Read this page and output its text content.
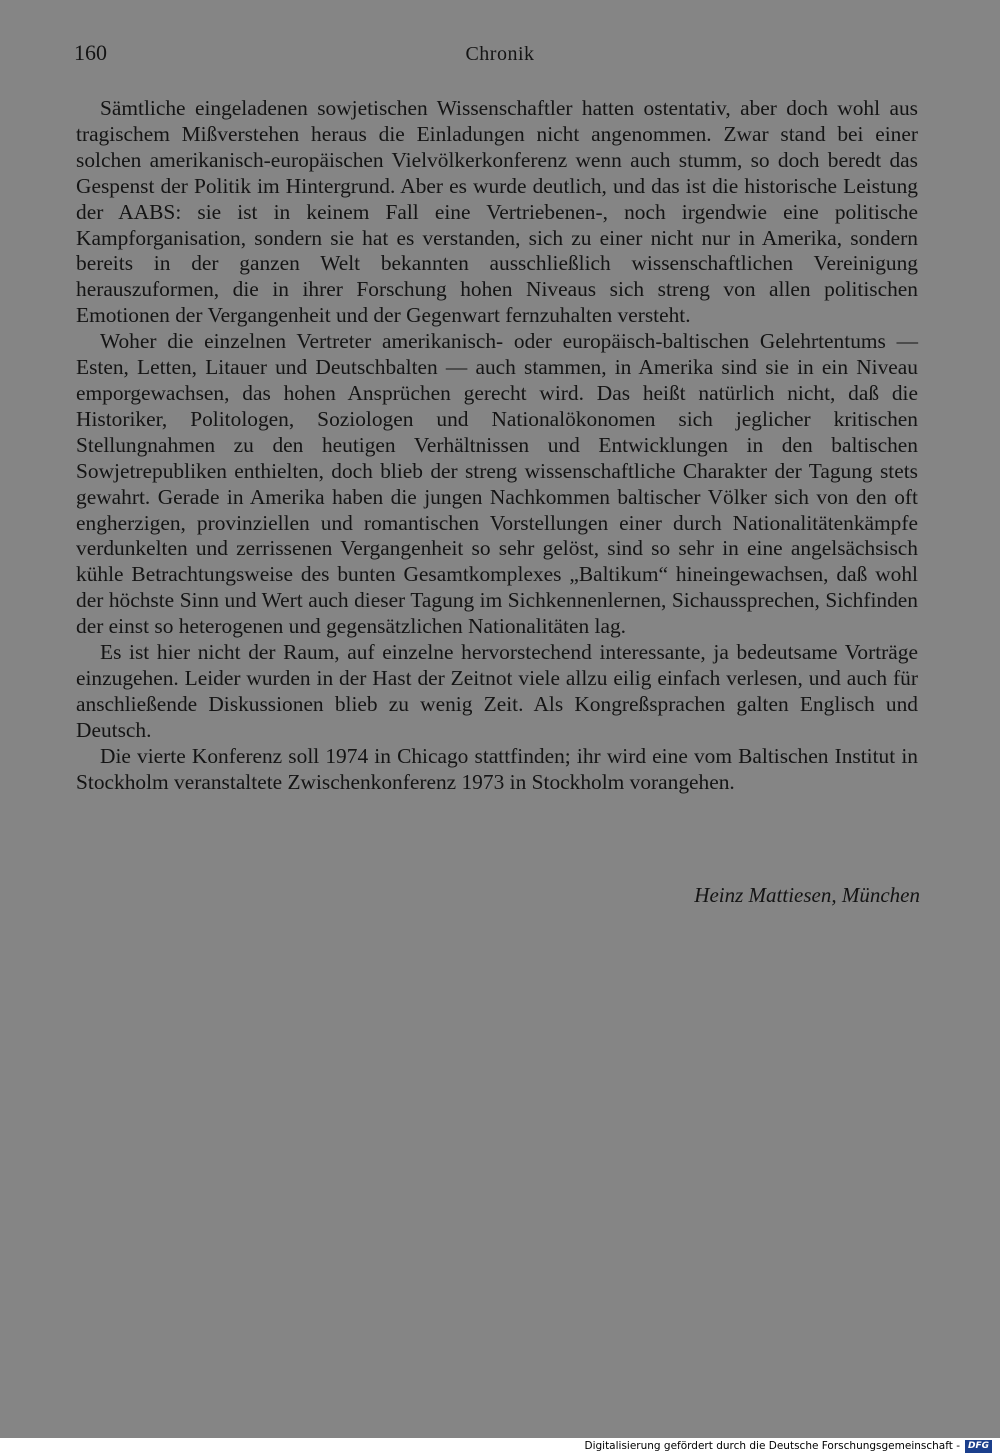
160	Chronik

Sämtliche eingeladenen sowjetischen Wissenschaftler hatten ostentativ, aber doch wohl aus tragischem Mißverstehen heraus die Einladungen nicht angenommen. Zwar stand bei einer solchen amerikanisch-europäischen Vielvölkerkonferenz wenn auch stumm, so doch beredt das Gespenst der Politik im Hintergrund. Aber es wurde deutlich, und das ist die historische Leistung der AABS: sie ist in keinem Fall eine Vertriebenen-, noch irgendwie eine politische Kampforganisation, sondern sie hat es verstanden, sich zu einer nicht nur in Amerika, sondern bereits in der ganzen Welt bekannten ausschließlich wissenschaftlichen Vereinigung herauszuformen, die in ihrer Forschung hohen Niveaus sich streng von allen politischen Emotionen der Vergangenheit und der Gegenwart fernzuhalten versteht.

Woher die einzelnen Vertreter amerikanisch- oder europäisch-baltischen Gelehrtentums — Esten, Letten, Litauer und Deutschbalten — auch stammen, in Amerika sind sie in ein Niveau emporgewachsen, das hohen Ansprüchen gerecht wird. Das heißt natürlich nicht, daß die Historiker, Politologen, Soziologen und Nationalökonomen sich jeglicher kritischen Stellungnahmen zu den heutigen Verhältnissen und Entwicklungen in den baltischen Sowjetrepubliken enthielten, doch blieb der streng wissenschaftliche Charakter der Tagung stets gewahrt. Gerade in Amerika haben die jungen Nachkommen baltischer Völker sich von den oft engherzigen, provinziellen und romantischen Vorstellungen einer durch Nationalitätenkämpfe verdunkelten und zerrissenen Vergangenheit so sehr gelöst, sind so sehr in eine angelsächsisch kühle Betrachtungsweise des bunten Gesamtkomplexes „Baltikum“ hineingewachsen, daß wohl der höchste Sinn und Wert auch dieser Tagung im Sichkennenlernen, Sichaussprechen, Sichfinden der einst so heterogenen und gegensätzlichen Nationalitäten lag.

Es ist hier nicht der Raum, auf einzelne hervorstechend interessante, ja bedeutsame Vorträge einzugehen. Leider wurden in der Hast der Zeitnot viele allzu eilig einfach verlesen, und auch für anschließende Diskussionen blieb zu wenig Zeit. Als Kongreßsprachen galten Englisch und Deutsch.

Die vierte Konferenz soll 1974 in Chicago stattfinden; ihr wird eine vom Baltischen Institut in Stockholm veranstaltete Zwischenkonferenz 1973 in Stockholm vorangehen.

Heinz Mattiesen, München
Digitalisierung gefördert durch die Deutsche Forschungsgemeinschaft - DFG
